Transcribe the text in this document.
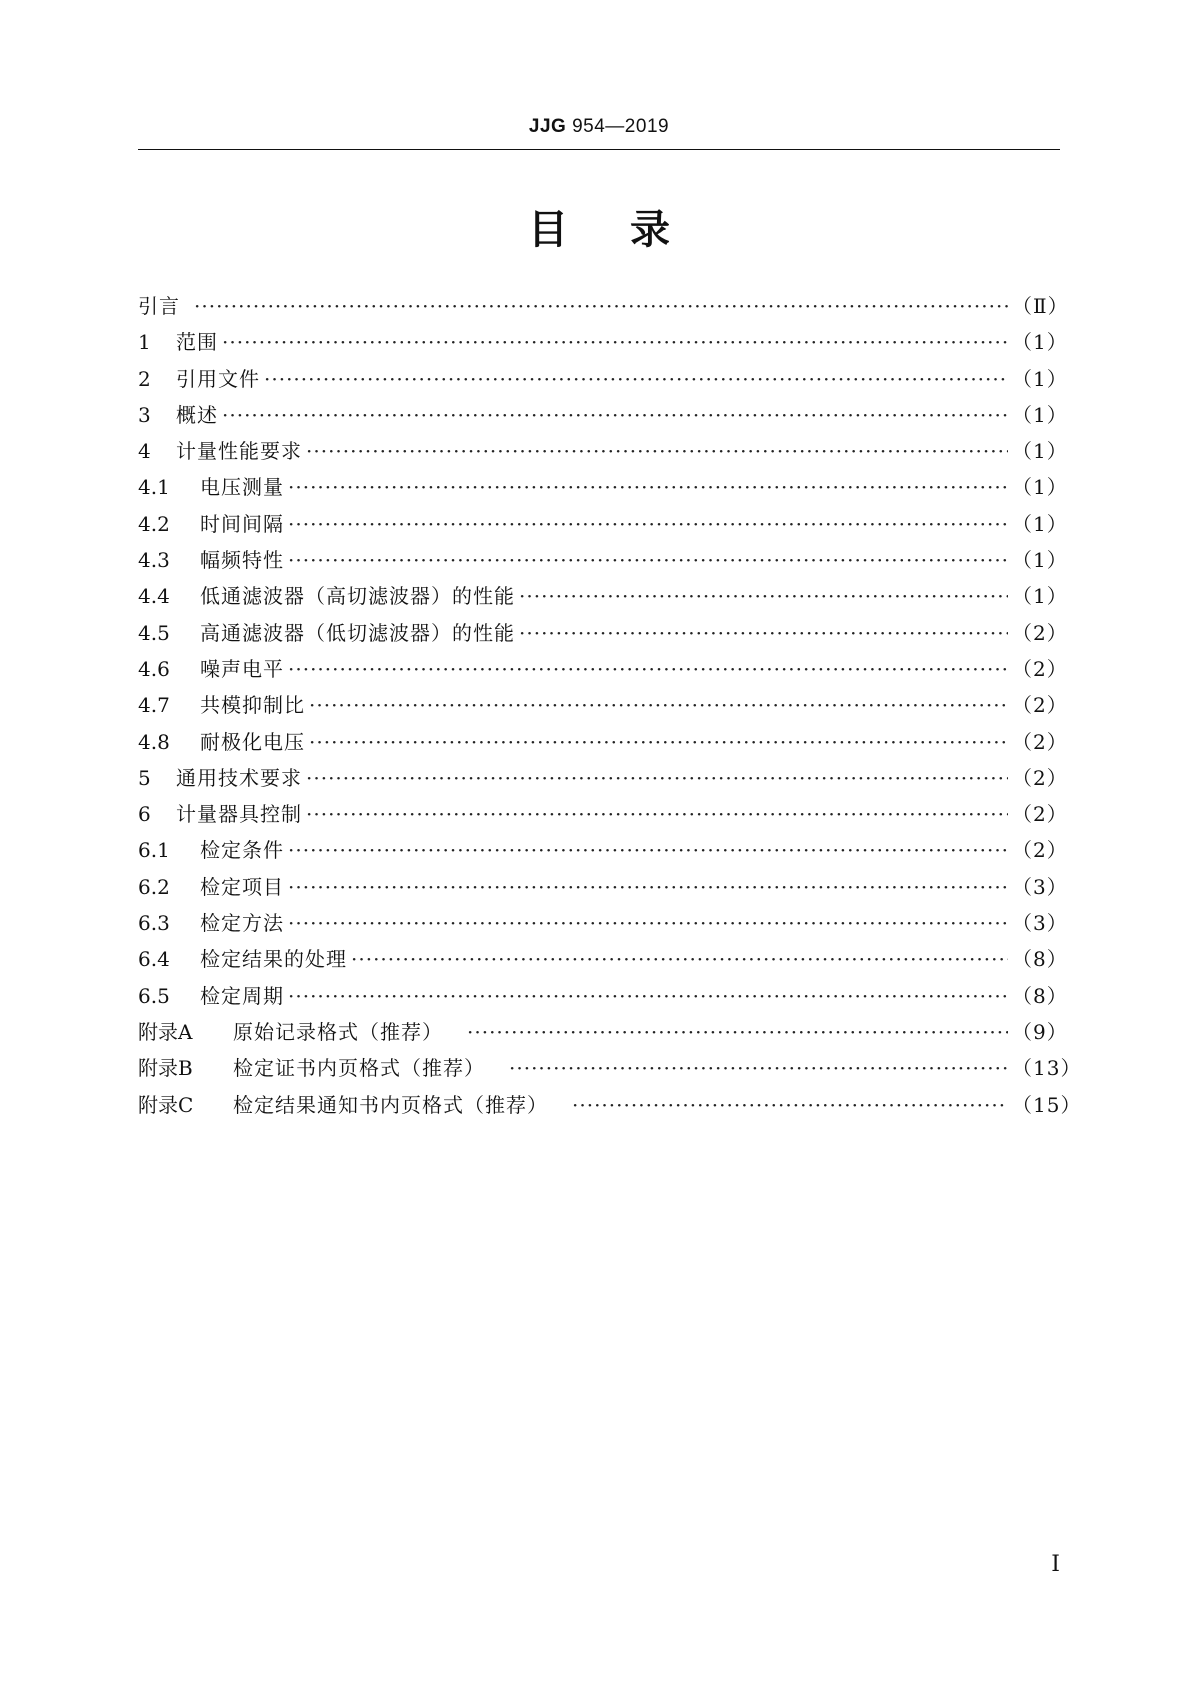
JJG 954—2019
目录
引言 ·····	（Ⅱ）
1	范围 ·····	（1）
2	引用文件 ·····	（1）
3	概述 ·····	（1）
4	计量性能要求 ·····	（1）
4.1	电压测量 ·····	（1）
4.2	时间间隔 ·····	（1）
4.3	幅频特性 ·····	（1）
4.4	低通滤波器（高切滤波器）的性能 ·····	（1）
4.5	高通滤波器（低切滤波器）的性能 ·····	（2）
4.6	噪声电平 ·····	（2）
4.7	共模抑制比 ·····	（2）
4.8	耐极化电压 ·····	（2）
5	通用技术要求 ·····	（2）
6	计量器具控制 ·····	（2）
6.1	检定条件 ·····	（2）
6.2	检定项目 ·····	（3）
6.3	检定方法 ·····	（3）
6.4	检定结果的处理 ·····	（8）
6.5	检定周期 ·····	（8）
附录A	原始记录格式（推荐） ·····	（9）
附录B	检定证书内页格式（推荐） ·····	（13）
附录C	检定结果通知书内页格式（推荐） ·····	（15）
Ⅰ
